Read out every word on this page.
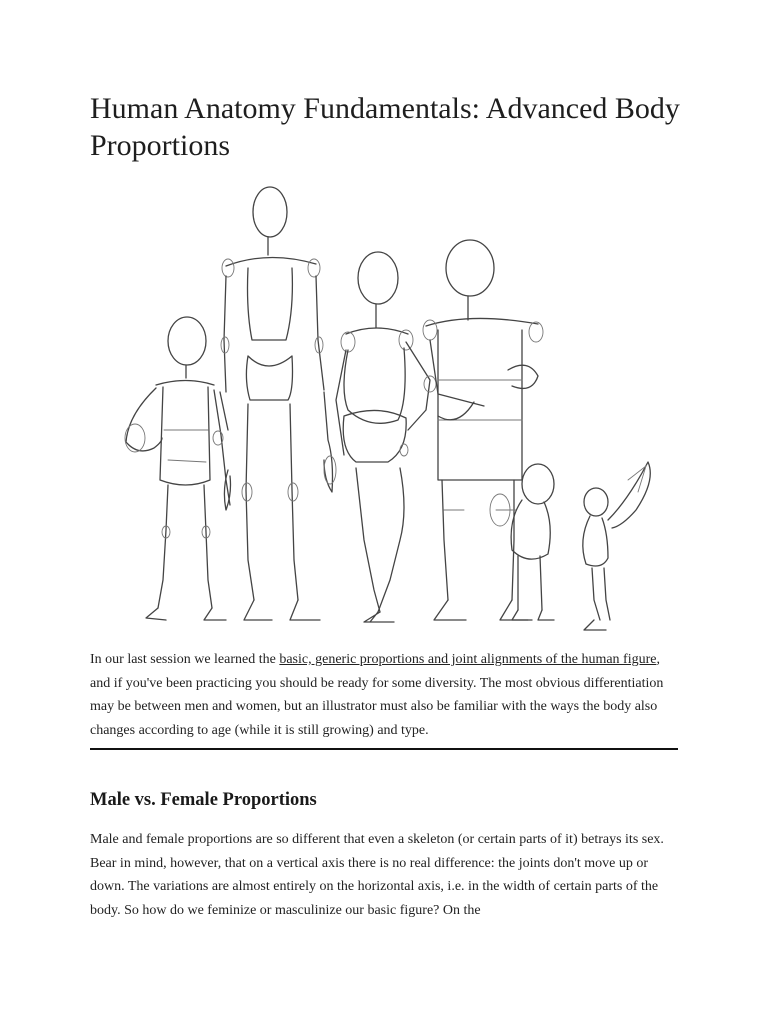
Human Anatomy Fundamentals: Advanced Body Proportions

In our last session we learned the basic, generic proportions and joint alignments of the human figure, and if you've been practicing you should be ready for some diversity. The most obvious differentiation may be between men and women, but an illustrator must also be familiar with the ways the body also changes according to age (while it is still growing) and type.

Male vs. Female Proportions

Male and female proportions are so different that even a skeleton (or certain parts of it) betrays its sex. Bear in mind, however, that on a vertical axis there is no real difference: the joints don't move up or down. The variations are almost entirely on the horizontal axis, i.e. in the width of certain parts of the body. So how do we feminize or masculinize our basic figure? On the
